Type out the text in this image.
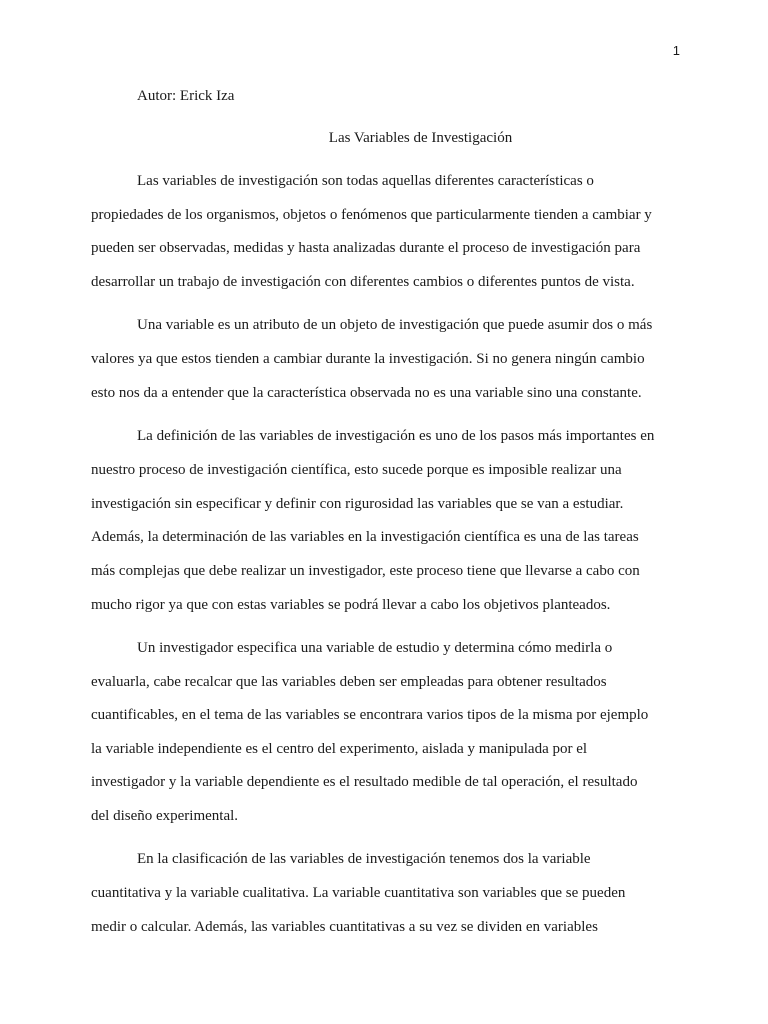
1
Autor: Erick Iza
Las Variables de Investigación
Las variables de investigación son todas aquellas diferentes características o
propiedades de los organismos, objetos o fenómenos que particularmente tienden a cambiar y
pueden ser observadas, medidas y hasta analizadas durante el proceso de investigación para
desarrollar un trabajo de investigación con diferentes cambios o diferentes puntos de vista.
Una variable es un atributo de un objeto de investigación que puede asumir dos o más
valores ya que estos tienden a cambiar durante la investigación. Si no genera ningún cambio
esto nos da a entender que la característica observada no es una variable sino una constante.
La definición de las variables de investigación es uno de los pasos más importantes en
nuestro proceso de investigación científica, esto sucede porque es imposible realizar una
investigación sin especificar y definir con rigurosidad las variables que se van a estudiar.
Además, la determinación de las variables en la investigación científica es una de las tareas
más complejas que debe realizar un investigador, este proceso tiene que llevarse a cabo con
mucho rigor ya que con estas variables se podrá llevar a cabo los objetivos planteados.
Un investigador especifica una variable de estudio y determina cómo medirla o
evaluarla, cabe recalcar que las variables deben ser empleadas para obtener resultados
cuantificables, en el tema de las variables se encontrara varios tipos de la misma por ejemplo
la variable independiente es el centro del experimento, aislada y manipulada por el
investigador y la variable dependiente es el resultado medible de tal operación, el resultado
del diseño experimental.
En la clasificación de las variables de investigación tenemos dos la variable
cuantitativa y la variable cualitativa. La variable cuantitativa son variables que se pueden
medir o calcular. Además, las variables cuantitativas a su vez se dividen en variables
